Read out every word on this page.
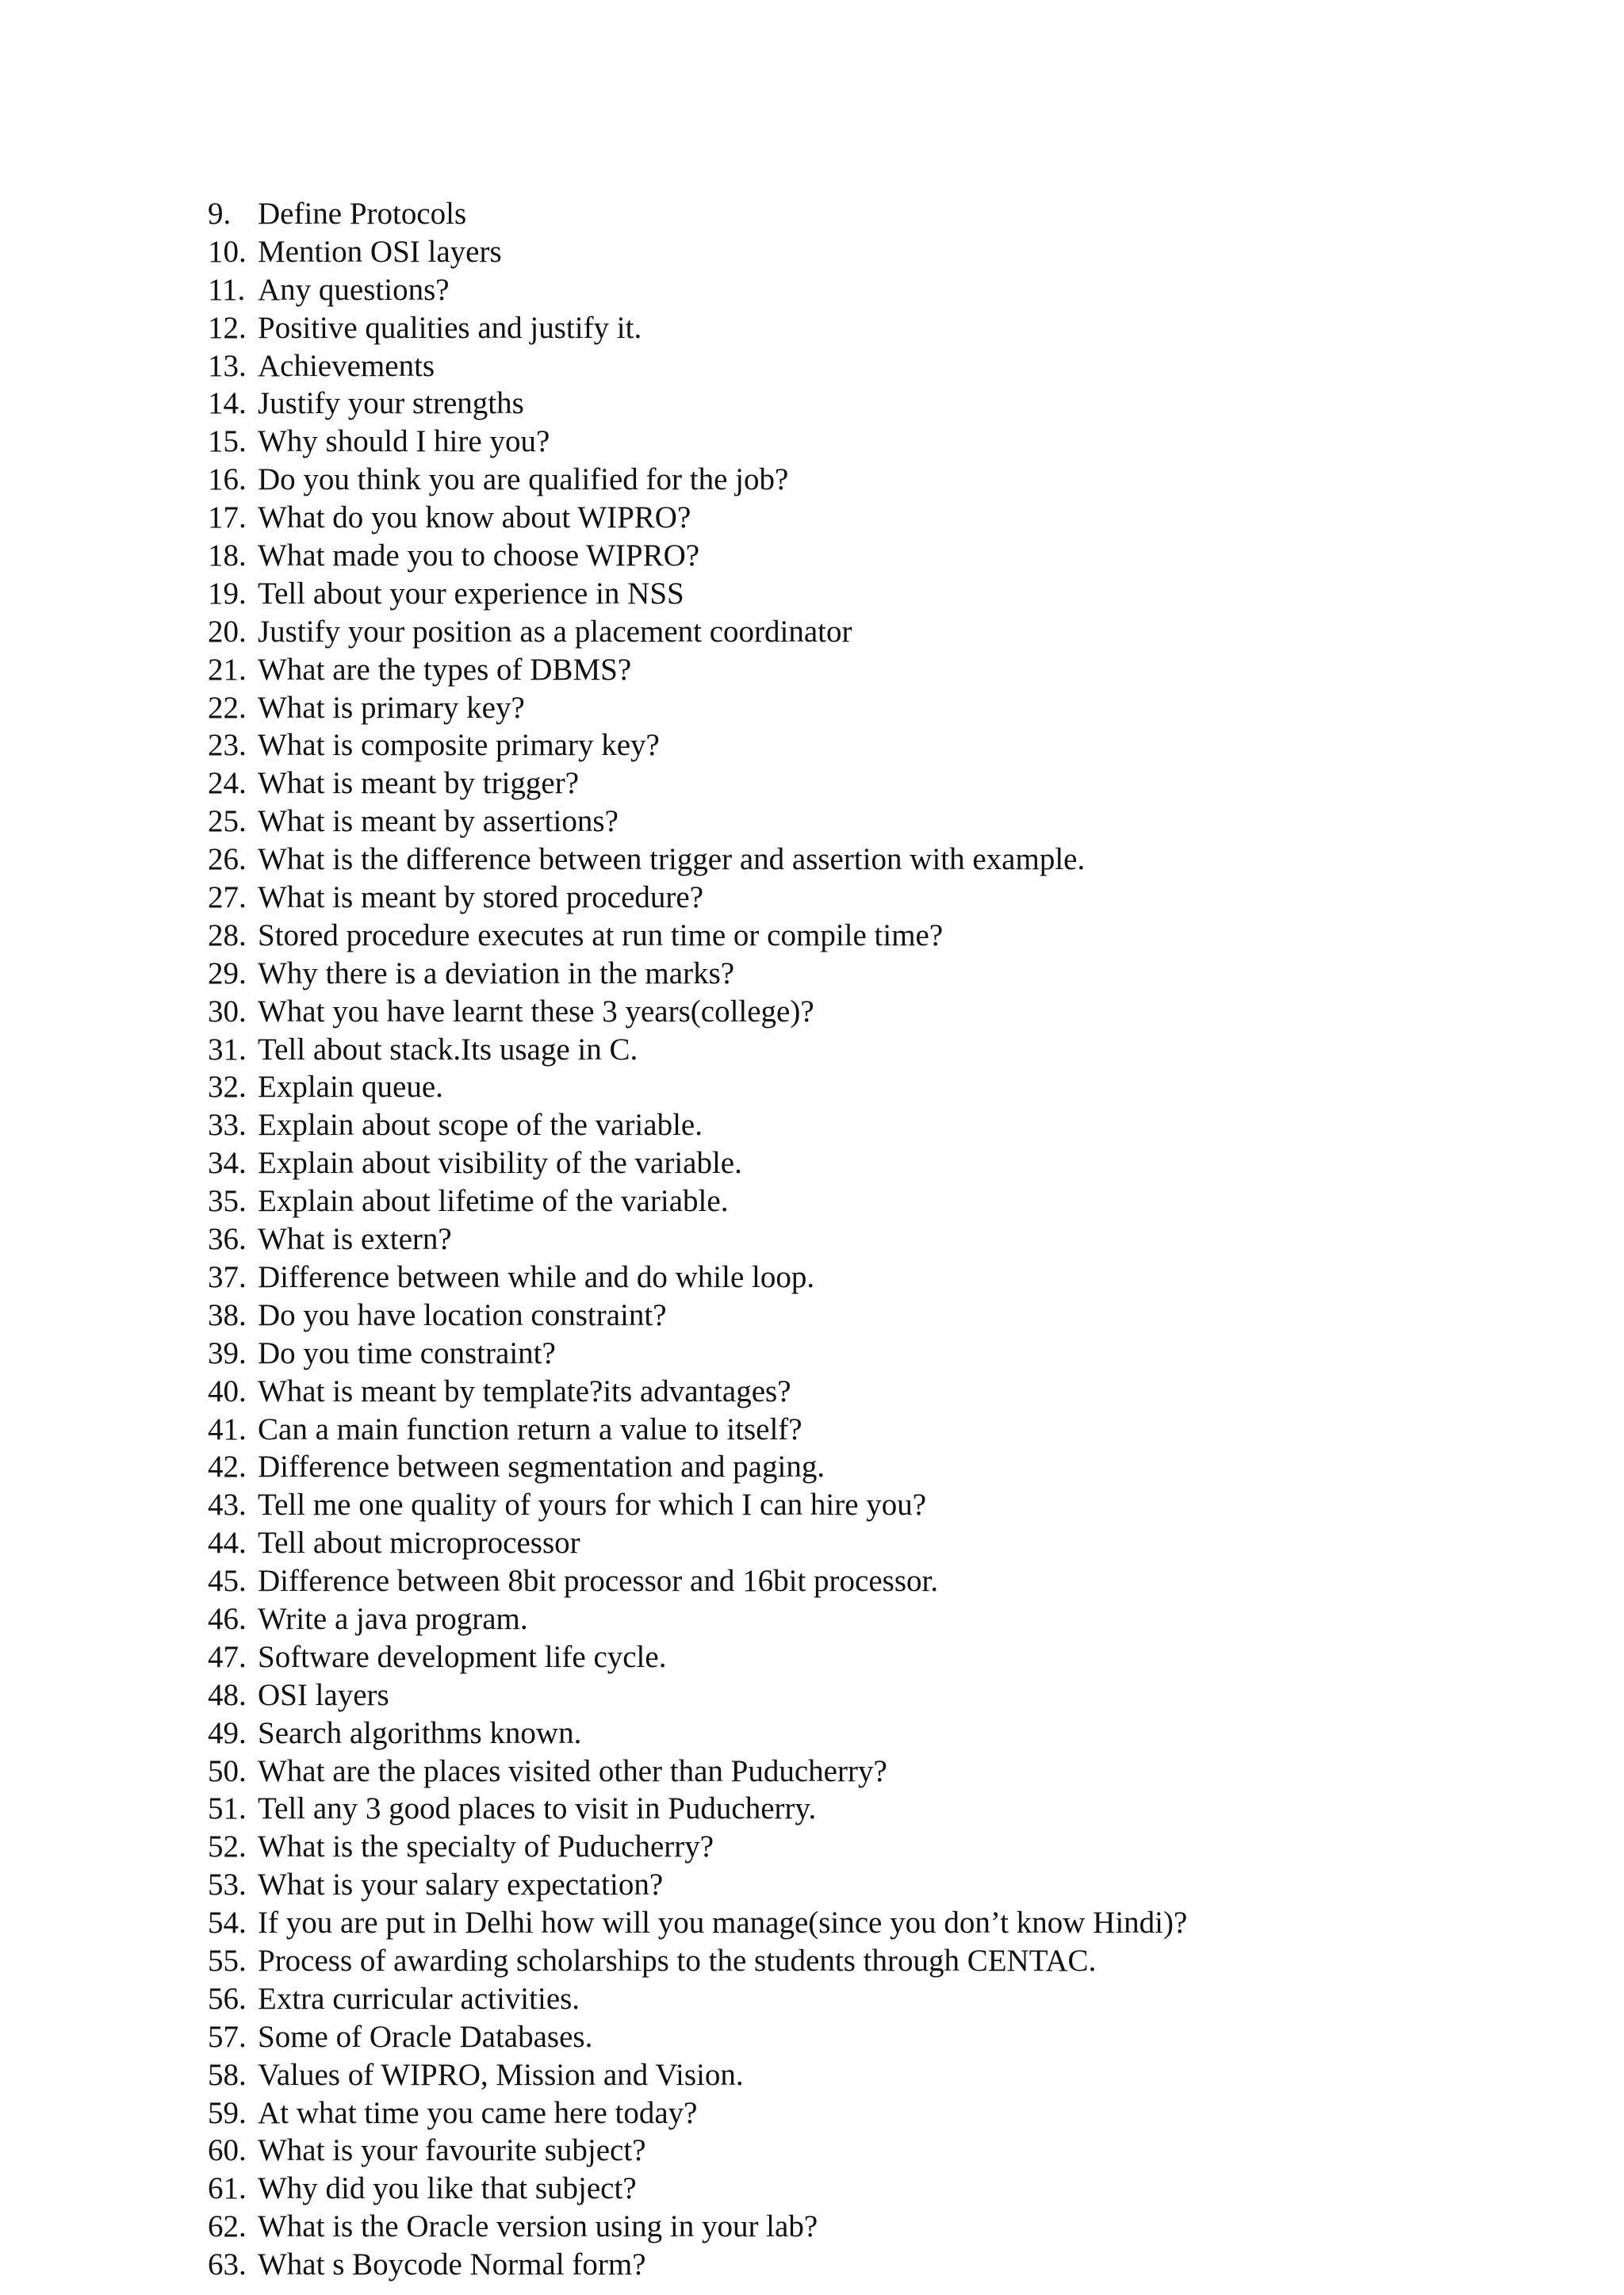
9. Define Protocols
10. Mention OSI layers
11. Any questions?
12. Positive qualities and justify it.
13. Achievements
14. Justify your strengths
15. Why should I hire you?
16. Do you think you are qualified for the job?
17. What do you know about WIPRO?
18. What made you to choose WIPRO?
19. Tell about your experience in NSS
20. Justify your position as a placement coordinator
21. What are the types of DBMS?
22. What is primary key?
23. What is composite primary key?
24. What is meant by trigger?
25. What is meant by assertions?
26. What is the difference between trigger and assertion with example.
27. What is meant by stored procedure?
28. Stored procedure executes at run time or compile time?
29. Why there is a deviation in the marks?
30. What you have learnt these 3 years(college)?
31. Tell about stack.Its usage in C.
32. Explain queue.
33. Explain about scope of the variable.
34. Explain about visibility of the variable.
35. Explain about lifetime of the variable.
36. What is extern?
37. Difference between while and do while loop.
38. Do you have location constraint?
39. Do you time constraint?
40. What is meant by template?its advantages?
41. Can a main function return a value to itself?
42. Difference between segmentation and paging.
43. Tell me one quality of yours for which I can hire you?
44. Tell about microprocessor
45. Difference between 8bit processor and 16bit processor.
46. Write a java program.
47. Software development life cycle.
48. OSI layers
49. Search algorithms known.
50. What are the places visited other than Puducherry?
51. Tell any 3 good places to visit in Puducherry.
52. What is the specialty of Puducherry?
53. What is your salary expectation?
54. If you are put in Delhi how will you manage(since you don’t know Hindi)?
55. Process of awarding scholarships to the students through CENTAC.
56. Extra curricular activities.
57. Some of Oracle Databases.
58. Values of WIPRO, Mission and Vision.
59. At what time you came here today?
60. What is your favourite subject?
61. Why did you like that subject?
62. What is the Oracle version using in your lab?
63. What s Boycode Normal form?
